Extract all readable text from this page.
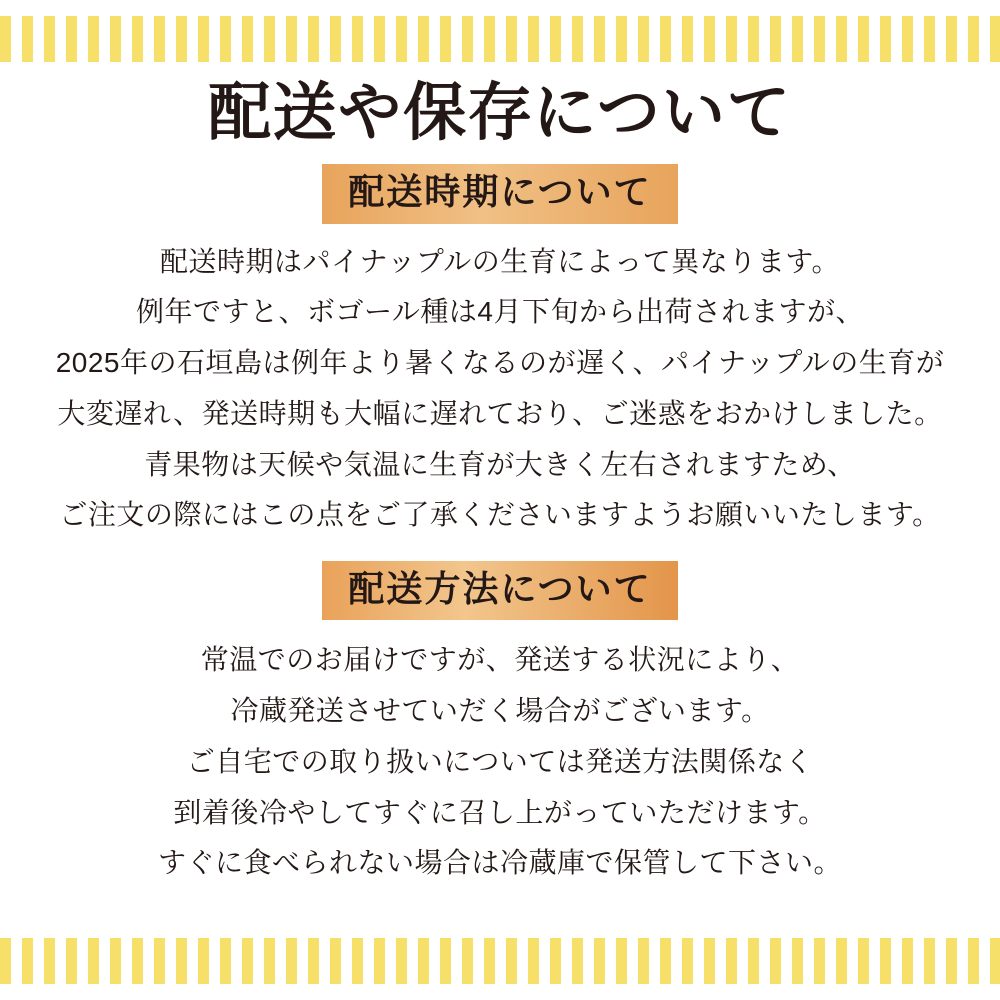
配送や保存について
配送時期について

配送時期はパイナップルの生育によって異なります。

例年ですと、ボゴール種は4月下旬から出荷されますが、

2025年の石垣島は例年より暑くなるのが遅く、パイナップルの生育が

大変遅れ、発送時期も大幅に遅れており、ご迷惑をおかけしました。

青果物は天候や気温に生育が大きく左右されますため、

ご注文の際にはこの点をご了承くださいますようお願いいたします。

配送方法について

常温でのお届けですが、発送する状況により、

冷蔵発送させていだく場合がございます。

ご自宅での取り扱いについては発送方法関係なく

到着後冷やしてすぐに召し上がっていただけます。

すぐに食べられない場合は冷蔵庫で保管して下さい。
